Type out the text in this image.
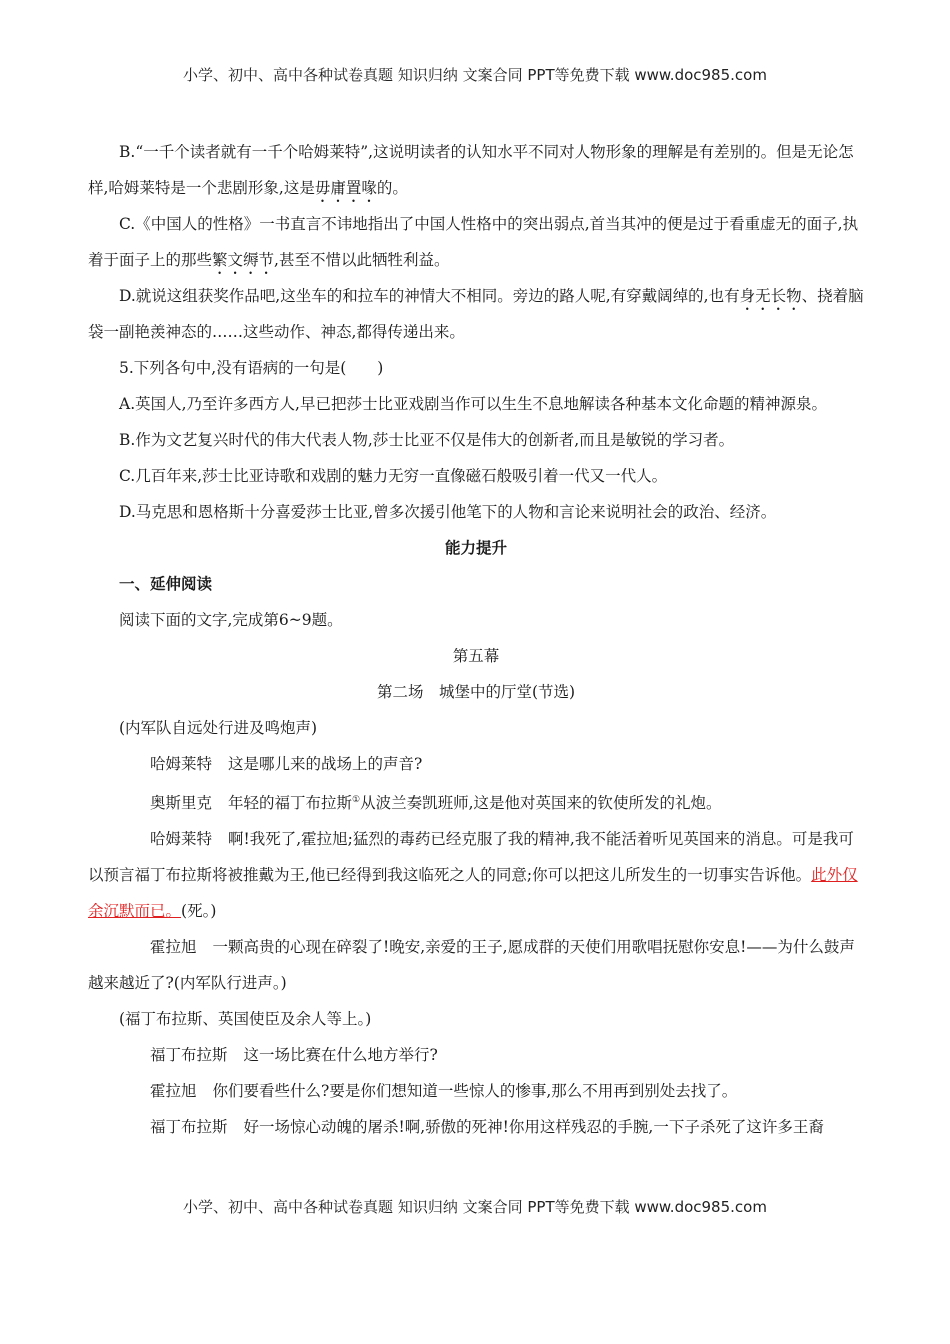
小学、初中、高中各种试卷真题 知识归纳 文案合同 PPT等免费下载 www.doc985.com

B.“一千个读者就有一千个哈姆莱特”,这说明读者的认知水平不同对人物形象的理解是有差别的。但是无论怎样,哈姆莱特是一个悲剧形象,这是毋庸置喙的。

C.《中国人的性格》一书直言不讳地指出了中国人性格中的突出弱点,首当其冲的便是过于看重虚无的面子,执着于面子上的那些繁文缛节,甚至不惜以此牺牲利益。

D.就说这组获奖作品吧,这坐车的和拉车的神情大不相同。旁边的路人呢,有穿戴阔绰的,也有身无长物、挠着脑袋一副艳羡神态的……这些动作、神态,都得传递出来。

5.下列各句中,没有语病的一句是(　　)

A.英国人,乃至许多西方人,早已把莎士比亚戏剧当作可以生生不息地解读各种基本文化命题的精神源泉。

B.作为文艺复兴时代的伟大代表人物,莎士比亚不仅是伟大的创新者,而且是敏锐的学习者。

C.几百年来,莎士比亚诗歌和戏剧的魅力无穷一直像磁石般吸引着一代又一代人。

D.马克思和恩格斯十分喜爱莎士比亚,曾多次援引他笔下的人物和言论来说明社会的政治、经济。

能力提升

一、延伸阅读

阅读下面的文字,完成第6~9题。

第五幕

第二场　城堡中的厅堂(节选)

(内军队自远处行进及鸣炮声)

哈姆莱特 这是哪儿来的战场上的声音?

奥斯里克 年轻的福丁布拉斯①从波兰奏凯班师,这是他对英国来的钦使所发的礼炮。

哈姆莱特 啊!我死了,霍拉旭;猛烈的毒药已经克服了我的精神,我不能活着听见英国来的消息。可是我可以预言福丁布拉斯将被推戴为王,他已经得到我这临死之人的同意;你可以把这儿所发生的一切事实告诉他。此外仅余沉默而已。(死。)

霍拉旭 一颗高贵的心现在碎裂了!晚安,亲爱的王子,愿成群的天使们用歌唱抚慰你安息!——为什么鼓声越来越近了?(内军队行进声。)

(福丁布拉斯、英国使臣及余人等上。)

福丁布拉斯 这一场比赛在什么地方举行?

霍拉旭 你们要看些什么?要是你们想知道一些惊人的惨事,那么不用再到别处去找了。

福丁布拉斯 好一场惊心动魄的屠杀!啊,骄傲的死神!你用这样残忍的手腕,一下子杀死了这许多王裔

小学、初中、高中各种试卷真题 知识归纳 文案合同 PPT等免费下载 www.doc985.com
